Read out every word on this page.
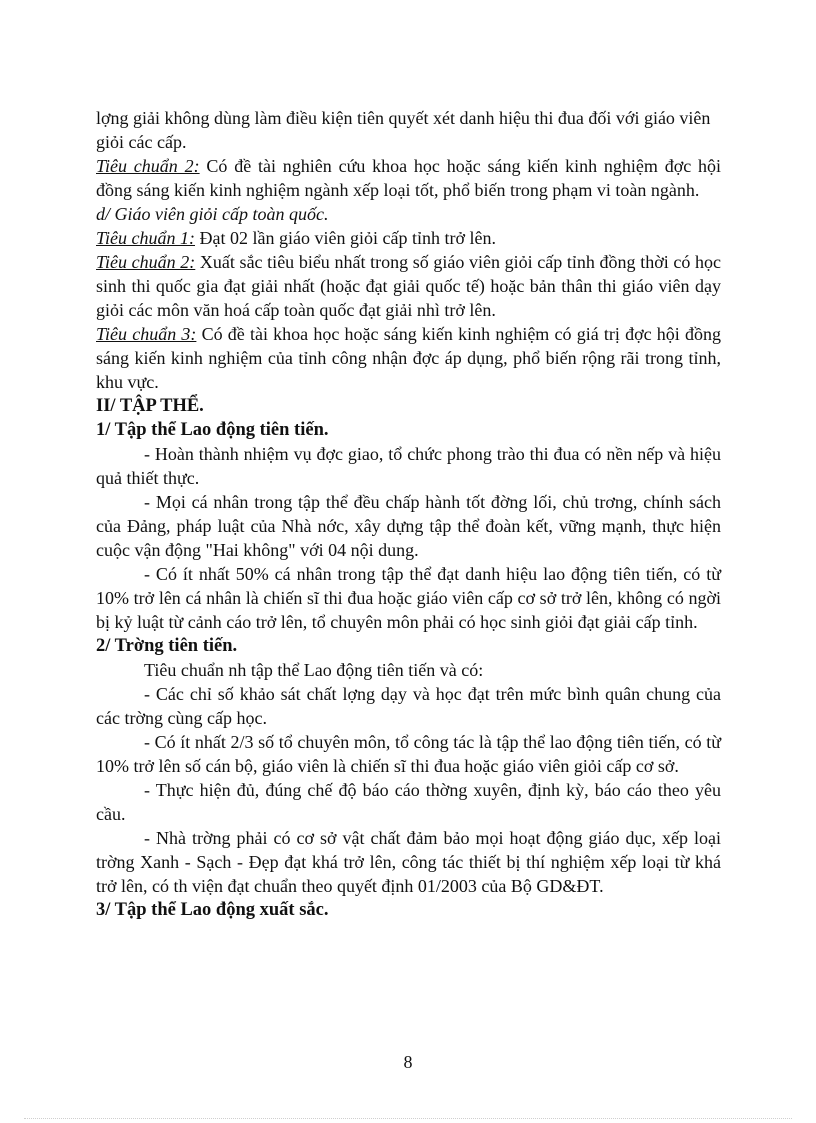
lợng giải không dùng làm điều kiện tiên quyết xét danh hiệu thi đua đối với giáo viên giỏi các cấp.

Tiêu chuẩn 2: Có đề tài nghiên cứu khoa học hoặc sáng kiến kinh nghiệm đợc hội đồng sáng kiến kinh nghiệm ngành xếp loại tốt, phổ biến trong phạm vi toàn ngành.

d/ Giáo viên giỏi cấp toàn quốc.

Tiêu chuẩn 1: Đạt 02 lần giáo viên giỏi cấp tỉnh trở lên.

Tiêu chuẩn 2: Xuất sắc tiêu biểu nhất trong số giáo viên giỏi cấp tỉnh đồng thời có học sinh thi quốc gia đạt giải nhất (hoặc đạt giải quốc tế) hoặc bản thân thi giáo viên dạy giỏi các môn văn hoá cấp toàn quốc đạt giải nhì trở lên.

Tiêu chuẩn 3: Có đề tài khoa học hoặc sáng kiến kinh nghiệm có giá trị đợc hội đồng sáng kiến kinh nghiệm của tỉnh công nhận đợc áp dụng, phổ biến rộng rãi trong tỉnh, khu vực.

II/ TẬP THỂ.

1/ Tập thể Lao động tiên tiến.

- Hoàn thành nhiệm vụ đợc giao, tổ chức phong trào thi đua có nền nếp và hiệu quả thiết thực.

- Mọi cá nhân trong tập thể đều chấp hành tốt đờng lối, chủ trơng, chính sách của Đảng, pháp luật của Nhà nớc, xây dựng tập thể đoàn kết, vững mạnh, thực hiện cuộc vận động "Hai không" với 04 nội dung.

- Có ít nhất 50% cá nhân trong tập thể đạt danh hiệu lao động tiên tiến, có từ 10% trở lên cá nhân là chiến sĩ thi đua hoặc giáo viên cấp cơ sở trở lên, không có ngời bị kỷ luật từ cảnh cáo trở lên, tổ chuyên môn phải có học sinh giỏi đạt giải cấp tỉnh.

2/ Trờng tiên tiến.

Tiêu chuẩn nh tập thể Lao động tiên tiến và có:

- Các chỉ số khảo sát chất lợng dạy và học đạt trên mức bình quân chung của các trờng cùng cấp học.

- Có ít nhất 2/3 số tổ chuyên môn, tổ công tác là tập thể lao động tiên tiến, có từ 10% trở lên số cán bộ, giáo viên là chiến sĩ thi đua hoặc giáo viên giỏi cấp cơ sở.

- Thực hiện đủ, đúng chế độ báo cáo thờng xuyên, định kỳ, báo cáo theo yêu cầu.

- Nhà trờng phải có cơ sở vật chất đảm bảo mọi hoạt động giáo dục, xếp loại trờng Xanh - Sạch - Đẹp đạt khá trở lên, công tác thiết bị thí nghiệm xếp loại từ khá trở lên, có th viện đạt chuẩn theo quyết định 01/2003 của Bộ GD&ĐT.

3/ Tập thể Lao động xuất sắc.

8
